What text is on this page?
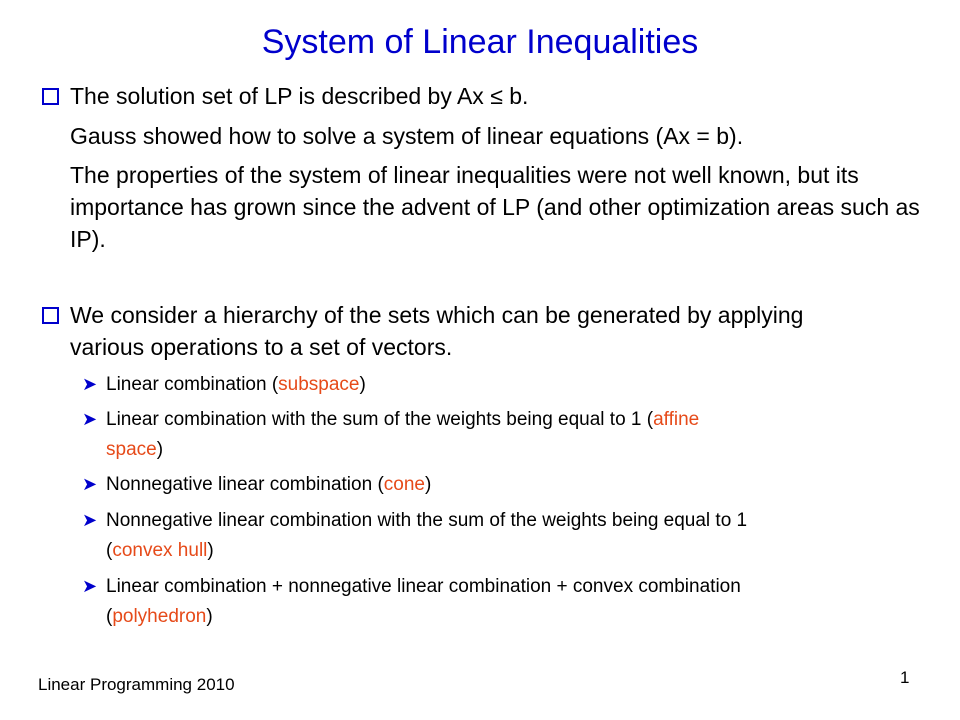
System of Linear Inequalities
The solution set of LP is described by Ax ≤ b.
Gauss showed how to solve a system of linear equations (Ax = b).
The properties of the system of linear inequalities were not well known, but its importance has grown since the advent of LP (and other optimization areas such as IP).
We consider a hierarchy of the sets which can be generated by applying
various operations to a set of vectors.
➤ Linear combination (subspace)
➤ Linear combination with the sum of the weights being equal to 1 (affine
space)
➤ Nonnegative linear combination (cone)
➤ Nonnegative linear combination with the sum of the weights being equal to 1
(convex hull)
➤ Linear combination + nonnegative linear combination + convex combination
(polyhedron)
Linear Programming 2010	1
